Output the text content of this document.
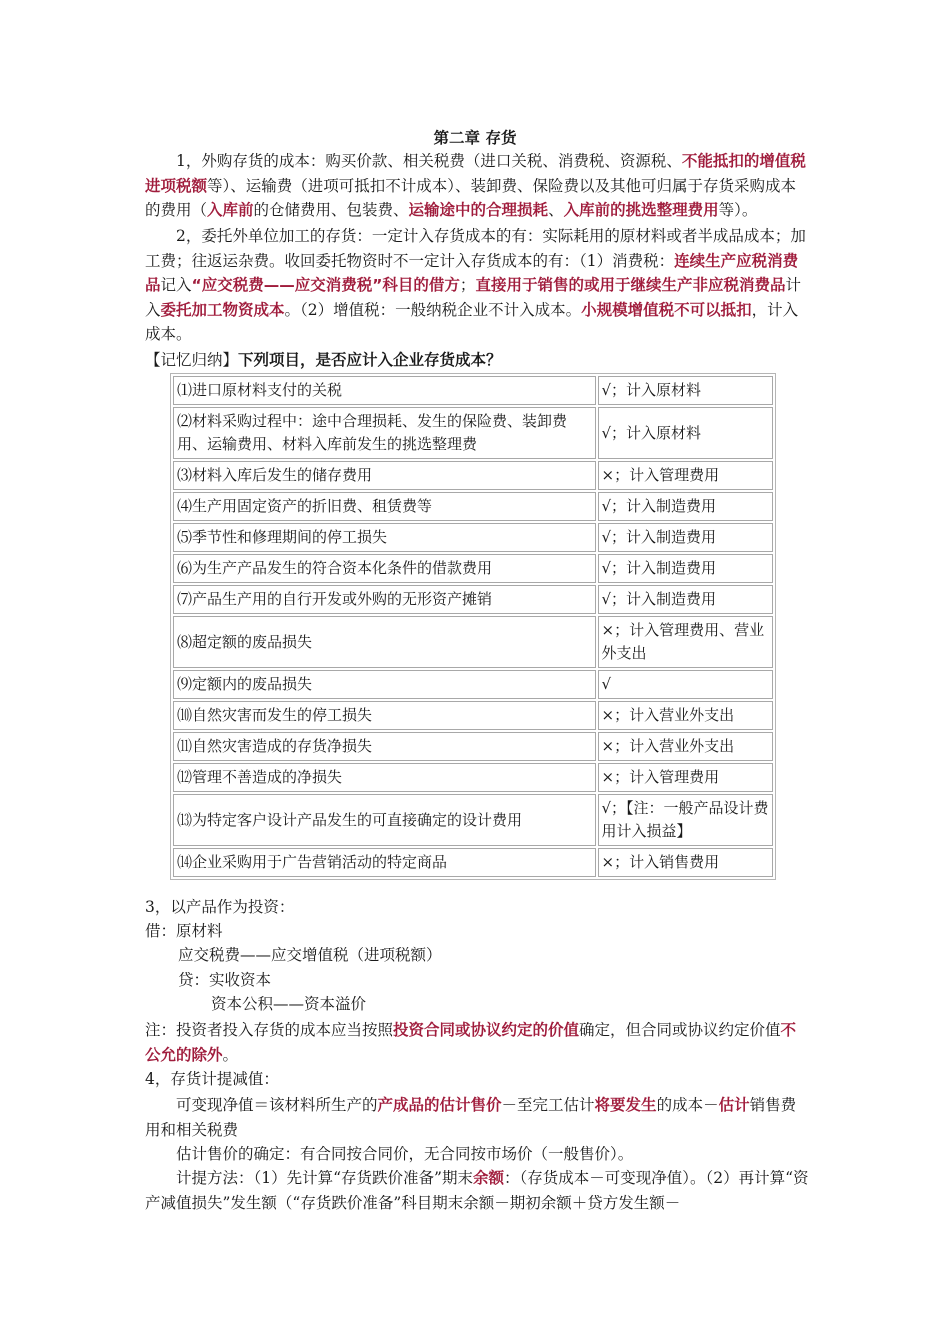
第二章 存货
1，外购存货的成本：购买价款、相关税费（进口关税、消费税、资源税、不能抵扣的增值税进项税额等）、运输费（进项可抵扣不计成本）、装卸费、保险费以及其他可归属于存货采购成本的费用（入库前的仓储费用、包装费、运输途中的合理损耗、入库前的挑选整理费用等）。
2，委托外单位加工的存货：一定计入存货成本的有：实际耗用的原材料或者半成品成本；加工费；往返运杂费。收回委托物资时不一定计入存货成本的有：（1）消费税：连续生产应税消费品记入“应交税费——应交消费税”科目的借方；直接用于销售的或用于继续生产非应税消费品计入委托加工物资成本。（2）增值税：一般纳税企业不计入成本。小规模增值税不可以抵扣，计入成本。
【记忆归纳】下列项目，是否应计入企业存货成本？
⑴进口原材料支付的关税	√；计入原材料
⑵材料采购过程中：途中合理损耗、发生的保险费、装卸费用、运输费用、材料入库前发生的挑选整理费	√；计入原材料
⑶材料入库后发生的储存费用	×；计入管理费用
⑷生产用固定资产的折旧费、租赁费等	√；计入制造费用
⑸季节性和修理期间的停工损失	√；计入制造费用
⑹为生产产品发生的符合资本化条件的借款费用	√；计入制造费用
⑺产品生产用的自行开发或外购的无形资产摊销	√；计入制造费用
⑻超定额的废品损失	×；计入管理费用、营业外支出
⑼定额内的废品损失	√
⑽自然灾害而发生的停工损失	×；计入营业外支出
⑾自然灾害造成的存货净损失	×；计入营业外支出
⑿管理不善造成的净损失	×；计入管理费用
⒀为特定客户设计产品发生的可直接确定的设计费用	√；【注：一般产品设计费用计入损益】
⒁企业采购用于广告营销活动的特定商品	×；计入销售费用
3，以产品作为投资：
借：原材料
应交税费——应交增值税（进项税额）
贷：实收资本
资本公积——资本溢价
注：投资者投入存货的成本应当按照投资合同或协议约定的价值确定，但合同或协议约定价值不公允的除外。
4，存货计提减值：
可变现净值＝该材料所生产的产成品的估计售价－至完工估计将要发生的成本－估计销售费用和相关税费
估计售价的确定：有合同按合同价，无合同按市场价（一般售价）。
计提方法：（1）先计算“存货跌价准备”期末余额：（存货成本－可变现净值）。（2）再计算“资产减值损失”发生额（“存货跌价准备”科目期末余额－期初余额＋贷方发生额－
